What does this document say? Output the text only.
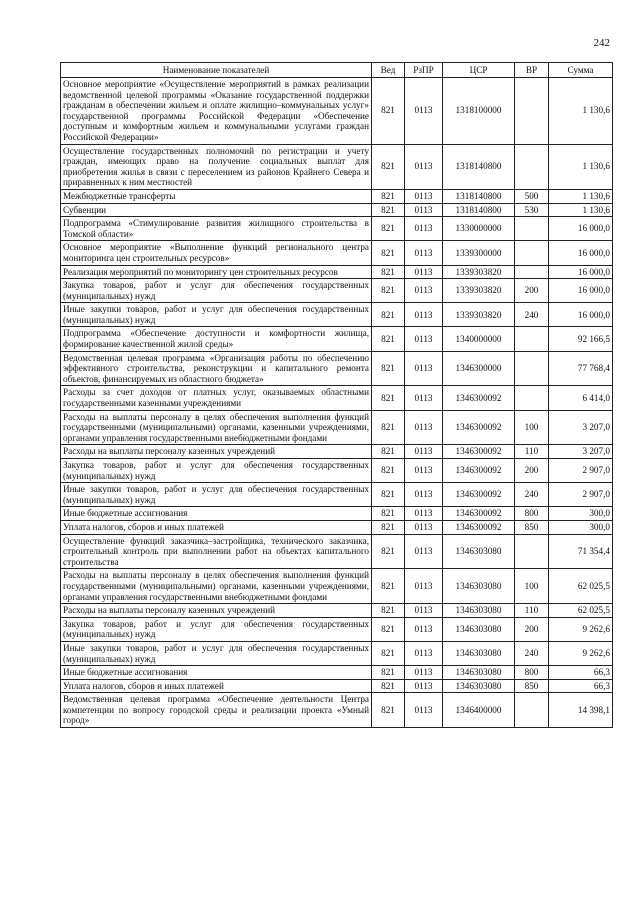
242
Наименование показателей	Вед	РзПР	ЦСР	ВР	Сумма
Основное мероприятие «Осуществление мероприятий в рамках реализации ведомственной целевой программы «Оказание государственной поддержки гражданам в обеспечении жильем и оплате жилищно–коммунальных услуг» государственной программы Российской Федерации «Обеспечение доступным и комфортным жильем и коммунальными услугами граждан Российской Федерации»	821	0113	1318100000		1 130,6
Осуществление государственных полномочий по регистрации и учету граждан, имеющих право на получение социальных выплат для приобретения жилья в связи с переселением из районов Крайнего Севера и приравненных к ним местностей	821	0113	1318140800		1 130,6
Межбюджетные трансферты	821	0113	1318140800	500	1 130,6
Субвенции	821	0113	1318140800	530	1 130,6
Подпрограмма «Стимулирование развития жилищного строительства в Томской области»	821	0113	1330000000		16 000,0
Основное мероприятие «Выполнение функций регионального центра мониторинга цен строительных ресурсов»	821	0113	1339300000		16 000,0
Реализация мероприятий по мониторингу цен строительных ресурсов	821	0113	1339303820		16 000,0
Закупка товаров, работ и услуг для обеспечения государственных (муниципальных) нужд	821	0113	1339303820	200	16 000,0
Иные закупки товаров, работ и услуг для обеспечения государственных (муниципальных) нужд	821	0113	1339303820	240	16 000,0
Подпрограмма «Обеспечение доступности и комфортности жилища, формирование качественной жилой среды»	821	0113	1340000000		92 166,5
Ведомственная целевая программа «Организация работы по обеспечению эффективного строительства, реконструкции и капитального ремонта объектов, финансируемых из областного бюджета»	821	0113	1346300000		77 768,4
Расходы за счет доходов от платных услуг, оказываемых областными государственными казенными учреждениями	821	0113	1346300092		6 414,0
Расходы на выплаты персоналу в целях обеспечения выполнения функций государственными (муниципальными) органами, казенными учреждениями, органами управления государственными внебюджетными фондами	821	0113	1346300092	100	3 207,0
Расходы на выплаты персоналу казенных учреждений	821	0113	1346300092	110	3 207,0
Закупка товаров, работ и услуг для обеспечения государственных (муниципальных) нужд	821	0113	1346300092	200	2 907,0
Иные закупки товаров, работ и услуг для обеспечения государственных (муниципальных) нужд	821	0113	1346300092	240	2 907,0
Иные бюджетные ассигнования	821	0113	1346300092	800	300,0
Уплата налогов, сборов и иных платежей	821	0113	1346300092	850	300,0
Осуществление функций заказчика–застройщика, технического заказчика, строительный контроль при выполнении работ на объектах капитального строительства	821	0113	1346303080		71 354,4
Расходы на выплаты персоналу в целях обеспечения выполнения функций государственными (муниципальными) органами, казенными учреждениями, органами управления государственными внебюджетными фондами	821	0113	1346303080	100	62 025,5
Расходы на выплаты персоналу казенных учреждений	821	0113	1346303080	110	62 025,5
Закупка товаров, работ и услуг для обеспечения государственных (муниципальных) нужд	821	0113	1346303080	200	9 262,6
Иные закупки товаров, работ и услуг для обеспечения государственных (муниципальных) нужд	821	0113	1346303080	240	9 262,6
Иные бюджетные ассигнования	821	0113	1346303080	800	66,3
Уплата налогов, сборов и иных платежей	821	0113	1346303080	850	66,3
Ведомственная целевая программа «Обеспечение деятельности Центра компетенции по вопросу городской среды и реализации проекта «Умный город»	821	0113	1346400000		14 398,1
